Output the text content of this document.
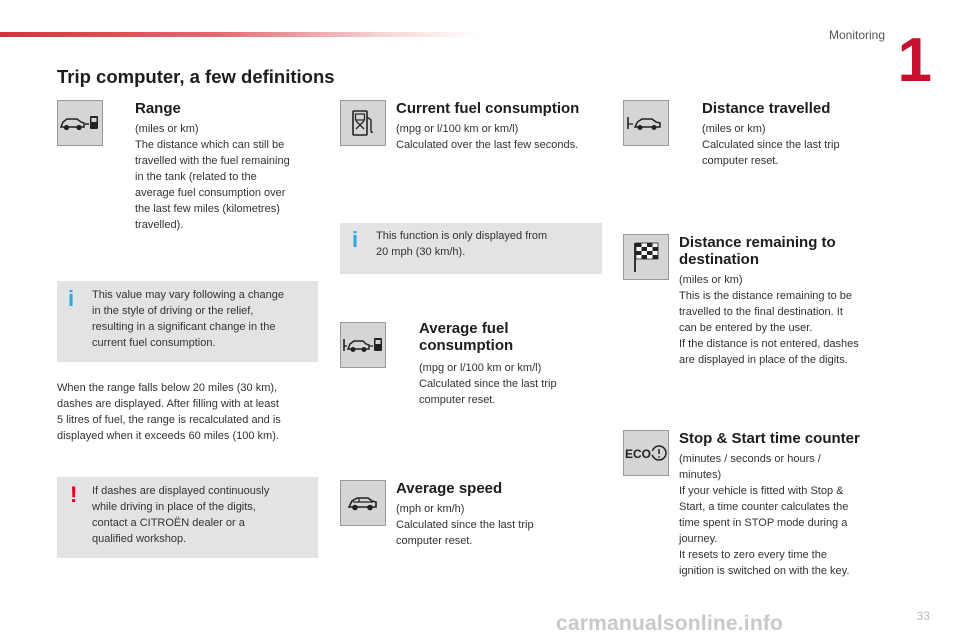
Monitoring 1
33
Trip computer, a few definitions
Range
(miles or km)
The distance which can still be
travelled with the fuel remaining
in the tank (related to the
average fuel consumption over
the last few miles (kilometres)
travelled).
i This value may vary following a change
in the style of driving or the relief,
resulting in a significant change in the
current fuel consumption.
When the range falls below 20 miles (30 km),
dashes are displayed. After filling with at least
5 litres of fuel, the range is recalculated and is
displayed when it exceeds 60 miles (100 km).
! If dashes are displayed continuously
while driving in place of the digits,
contact a CITROËN dealer or a
qualified workshop.
Current fuel consumption
(mpg or l/100 km or km/l)
Calculated over the last few seconds.
i This function is only displayed from
20 mph (30 km/h).
Average fuel
consumption
(mpg or l/100 km or km/l)
Calculated since the last trip
computer reset.
Average speed
(mph or km/h)
Calculated since the last trip
computer reset.
Distance travelled
(miles or km)
Calculated since the last trip
computer reset.
Distance remaining to
destination
(miles or km)
This is the distance remaining to be
travelled to the final destination. It
can be entered by the user.
If the distance is not entered, dashes
are displayed in place of the digits.
ECO
Stop & Start time counter
(minutes / seconds or hours /
minutes)
If your vehicle is fitted with Stop &
Start, a time counter calculates the
time spent in STOP mode during a
journey.
It resets to zero every time the
ignition is switched on with the key.
carmanualsonline.info
